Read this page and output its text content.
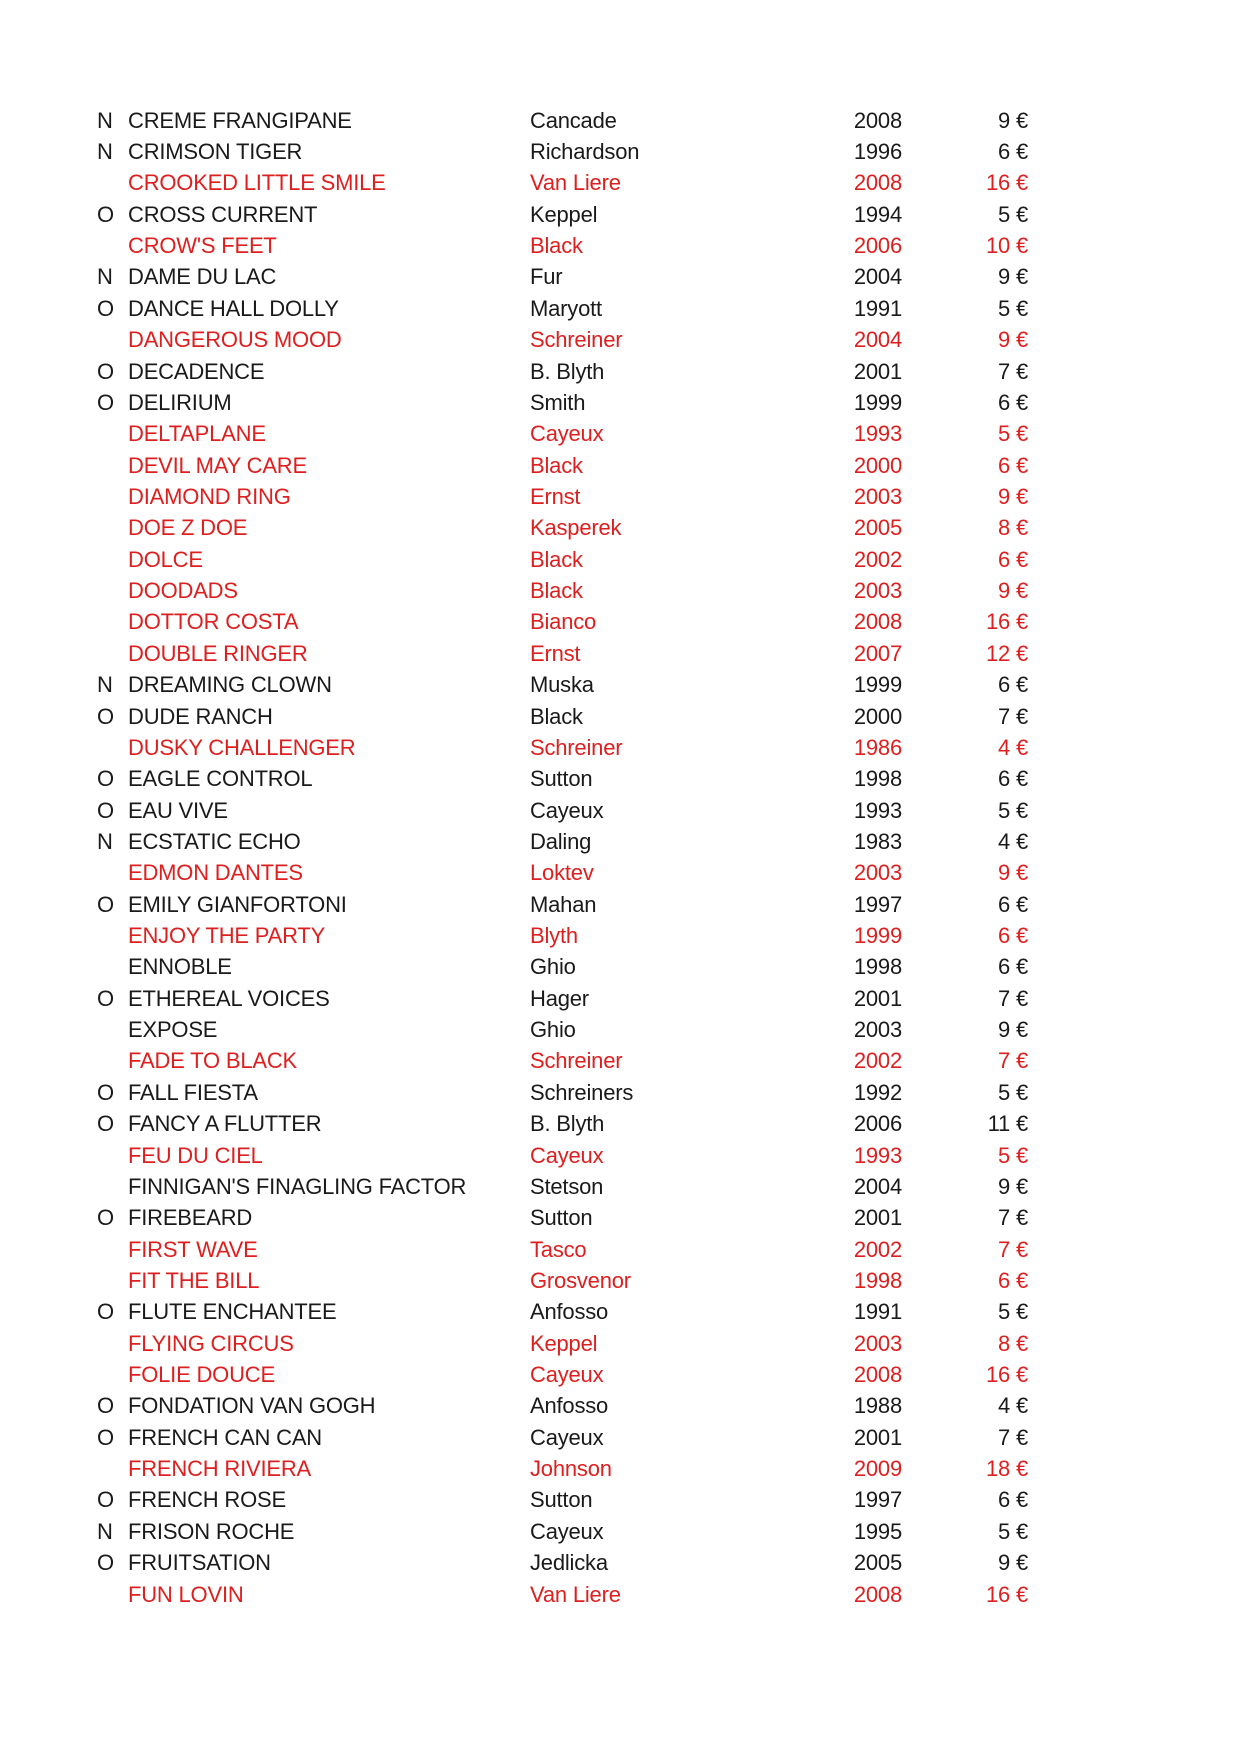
N CREME FRANGIPANE	Cancade	2008	9 €
N CRIMSON TIGER	Richardson	1996	6 €
CROOKED LITTLE SMILE	Van Liere	2008	16 €
O CROSS CURRENT	Keppel	1994	5 €
CROW'S FEET	Black	2006	10 €
N DAME DU LAC	Fur	2004	9 €
O DANCE HALL DOLLY	Maryott	1991	5 €
DANGEROUS MOOD	Schreiner	2004	9 €
O DECADENCE	B. Blyth	2001	7 €
O DELIRIUM	Smith	1999	6 €
DELTAPLANE	Cayeux	1993	5 €
DEVIL MAY CARE	Black	2000	6 €
DIAMOND RING	Ernst	2003	9 €
DOE Z DOE	Kasperek	2005	8 €
DOLCE	Black	2002	6 €
DOODADS	Black	2003	9 €
DOTTOR COSTA	Bianco	2008	16 €
DOUBLE RINGER	Ernst	2007	12 €
N DREAMING CLOWN	Muska	1999	6 €
O DUDE RANCH	Black	2000	7 €
DUSKY CHALLENGER	Schreiner	1986	4 €
O EAGLE CONTROL	Sutton	1998	6 €
O EAU VIVE	Cayeux	1993	5 €
N ECSTATIC ECHO	Daling	1983	4 €
EDMON DANTES	Loktev	2003	9 €
O EMILY GIANFORTONI	Mahan	1997	6 €
ENJOY THE PARTY	Blyth	1999	6 €
ENNOBLE	Ghio	1998	6 €
O ETHEREAL VOICES	Hager	2001	7 €
EXPOSE	Ghio	2003	9 €
FADE TO BLACK	Schreiner	2002	7 €
O FALL FIESTA	Schreiners	1992	5 €
O FANCY A FLUTTER	B. Blyth	2006	11 €
FEU DU CIEL	Cayeux	1993	5 €
FINNIGAN'S FINAGLING FACTOR	Stetson	2004	9 €
O FIREBEARD	Sutton	2001	7 €
FIRST WAVE	Tasco	2002	7 €
FIT THE BILL	Grosvenor	1998	6 €
O FLUTE ENCHANTEE	Anfosso	1991	5 €
FLYING CIRCUS	Keppel	2003	8 €
FOLIE DOUCE	Cayeux	2008	16 €
O FONDATION VAN GOGH	Anfosso	1988	4 €
O FRENCH CAN CAN	Cayeux	2001	7 €
FRENCH RIVIERA	Johnson	2009	18 €
O FRENCH ROSE	Sutton	1997	6 €
N FRISON ROCHE	Cayeux	1995	5 €
O FRUITSATION	Jedlicka	2005	9 €
FUN LOVIN	Van Liere	2008	16 €
